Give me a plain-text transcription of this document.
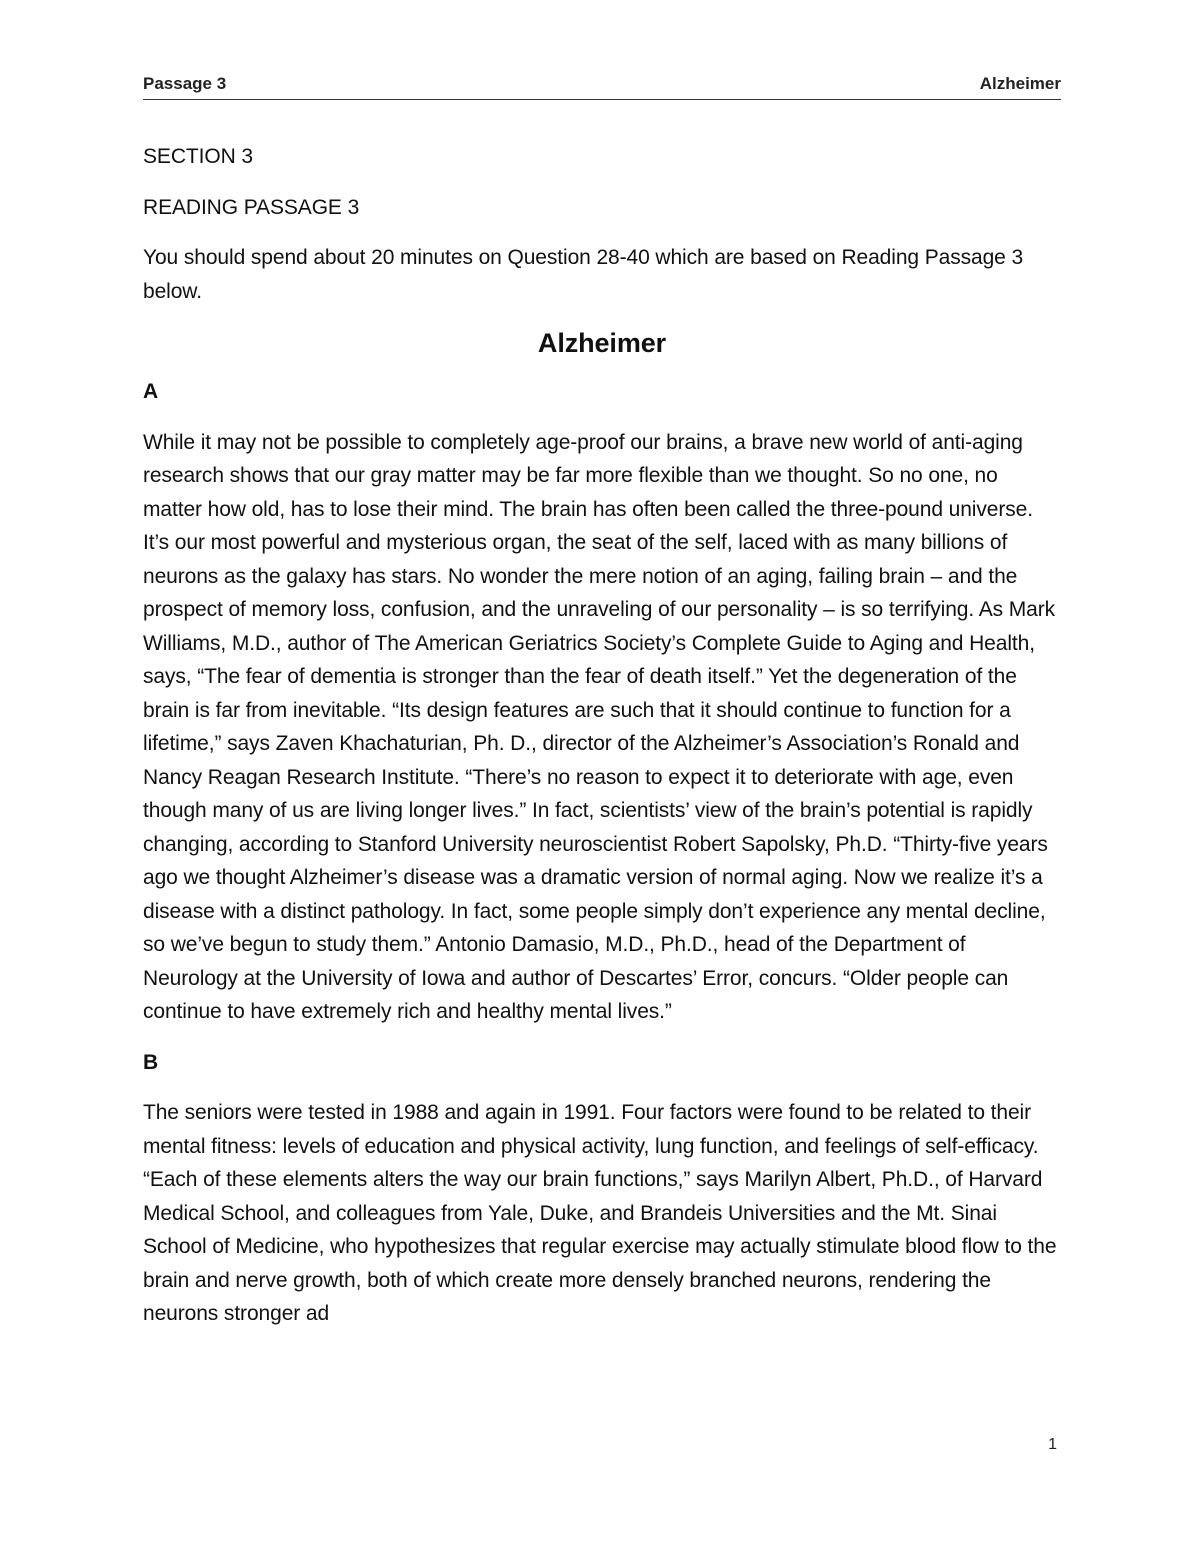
Passage 3	Alzheimer

SECTION 3

READING PASSAGE 3

You should spend about 20 minutes on Question 28-40 which are based on Reading Passage 3 below.

Alzheimer

A

While it may not be possible to completely age-proof our brains, a brave new world of anti-aging research shows that our gray matter may be far more flexible than we thought. So no one, no matter how old, has to lose their mind. The brain has often been called the three-pound universe. It’s our most powerful and mysterious organ, the seat of the self, laced with as many billions of neurons as the galaxy has stars. No wonder the mere notion of an aging, failing brain – and the prospect of memory loss, confusion, and the unraveling of our personality – is so terrifying. As Mark Williams, M.D., author of The American Geriatrics Society’s Complete Guide to Aging and Health, says, “The fear of dementia is stronger than the fear of death itself.” Yet the degeneration of the brain is far from inevitable. “Its design features are such that it should continue to function for a lifetime,” says Zaven Khachaturian, Ph. D., director of the Alzheimer’s Association’s Ronald and Nancy Reagan Research Institute. “There’s no reason to expect it to deteriorate with age, even though many of us are living longer lives.” In fact, scientists’ view of the brain’s potential is rapidly changing, according to Stanford University neuroscientist Robert Sapolsky, Ph.D. “Thirty-five years ago we thought Alzheimer’s disease was a dramatic version of normal aging. Now we realize it’s a disease with a distinct pathology. In fact, some people simply don’t experience any mental decline, so we’ve begun to study them.” Antonio Damasio, M.D., Ph.D., head of the Department of Neurology at the University of Iowa and author of Descartes’ Error, concurs. “Older people can continue to have extremely rich and healthy mental lives.”

B

The seniors were tested in 1988 and again in 1991. Four factors were found to be related to their mental fitness: levels of education and physical activity, lung function, and feelings of self-efficacy. “Each of these elements alters the way our brain functions,” says Marilyn Albert, Ph.D., of Harvard Medical School, and colleagues from Yale, Duke, and Brandeis Universities and the Mt. Sinai School of Medicine, who hypothesizes that regular exercise may actually stimulate blood flow to the brain and nerve growth, both of which create more densely branched neurons, rendering the neurons stronger ad

1
